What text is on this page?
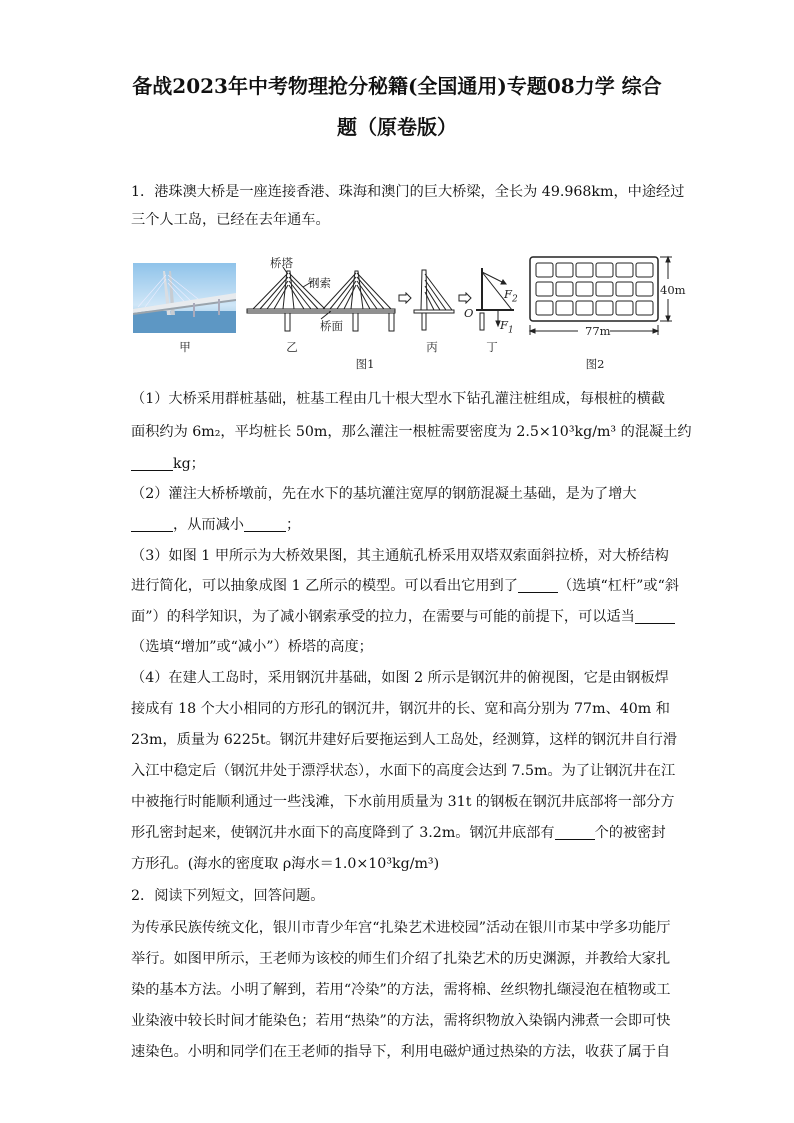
备战2023年中考物理抢分秘籍(全国通用)专题08力学 综合
题（原卷版）
1．港珠澳大桥是一座连接香港、珠海和澳门的巨大桥梁，全长为 49.968km，中途经过
三个人工岛，已经在去年通车。
甲
桥塔
钢索
桥面
乙	丙
$F_2$
$F_1$
O
丁
图1
40m
77m
图2
（1）大桥采用群桩基础，桩基工程由几十根大型水下钻孔灌注桩组成，每根桩的横截
面积约为 6m₂，平均桩长 50m，那么灌注一根桩需要密度为 2.5×10³kg/m³ 的混凝土约
kg；
（2）灌注大桥桥墩前，先在水下的基坑灌注宽厚的钢筋混凝土基础，是为了增大
，从而减小	；
（3）如图 1 甲所示为大桥效果图，其主通航孔桥采用双塔双索面斜拉桥，对大桥结构
进行简化，可以抽象成图 1 乙所示的模型。可以看出它用到了	（选填“杠杆”或“斜
面”）的科学知识，为了减小钢索承受的拉力，在需要与可能的前提下，可以适当
（选填“增加”或“减小”）桥塔的高度；
（4）在建人工岛时，采用钢沉井基础，如图 2 所示是钢沉井的俯视图，它是由钢板焊
接成有 18 个大小相同的方形孔的钢沉井，钢沉井的长、宽和高分别为 77m、40m 和
23m，质量为 6225t。钢沉井建好后要拖运到人工岛处，经测算，这样的钢沉井自行滑
入江中稳定后（钢沉井处于漂浮状态），水面下的高度会达到 7.5m。为了让钢沉井在江
中被拖行时能顺利通过一些浅滩，下水前用质量为 31t 的钢板在钢沉井底部将一部分方
形孔密封起来，使钢沉井水面下的高度降到了 3.2m。钢沉井底部有	个的被密封
方形孔。(海水的密度取 ρ海水＝1.0×10³kg/m³)
2．阅读下列短文，回答问题。
为传承民族传统文化，银川市青少年宫“扎染艺术进校园”活动在银川市某中学多功能厅
举行。如图甲所示，王老师为该校的师生们介绍了扎染艺术的历史渊源，并教给大家扎
染的基本方法。小明了解到，若用“冷染”的方法，需将棉、丝织物扎缬浸泡在植物或工
业染液中较长时间才能染色；若用“热染”的方法，需将织物放入染锅内沸煮一会即可快
速染色。小明和同学们在王老师的指导下，利用电磁炉通过热染的方法，收获了属于自
